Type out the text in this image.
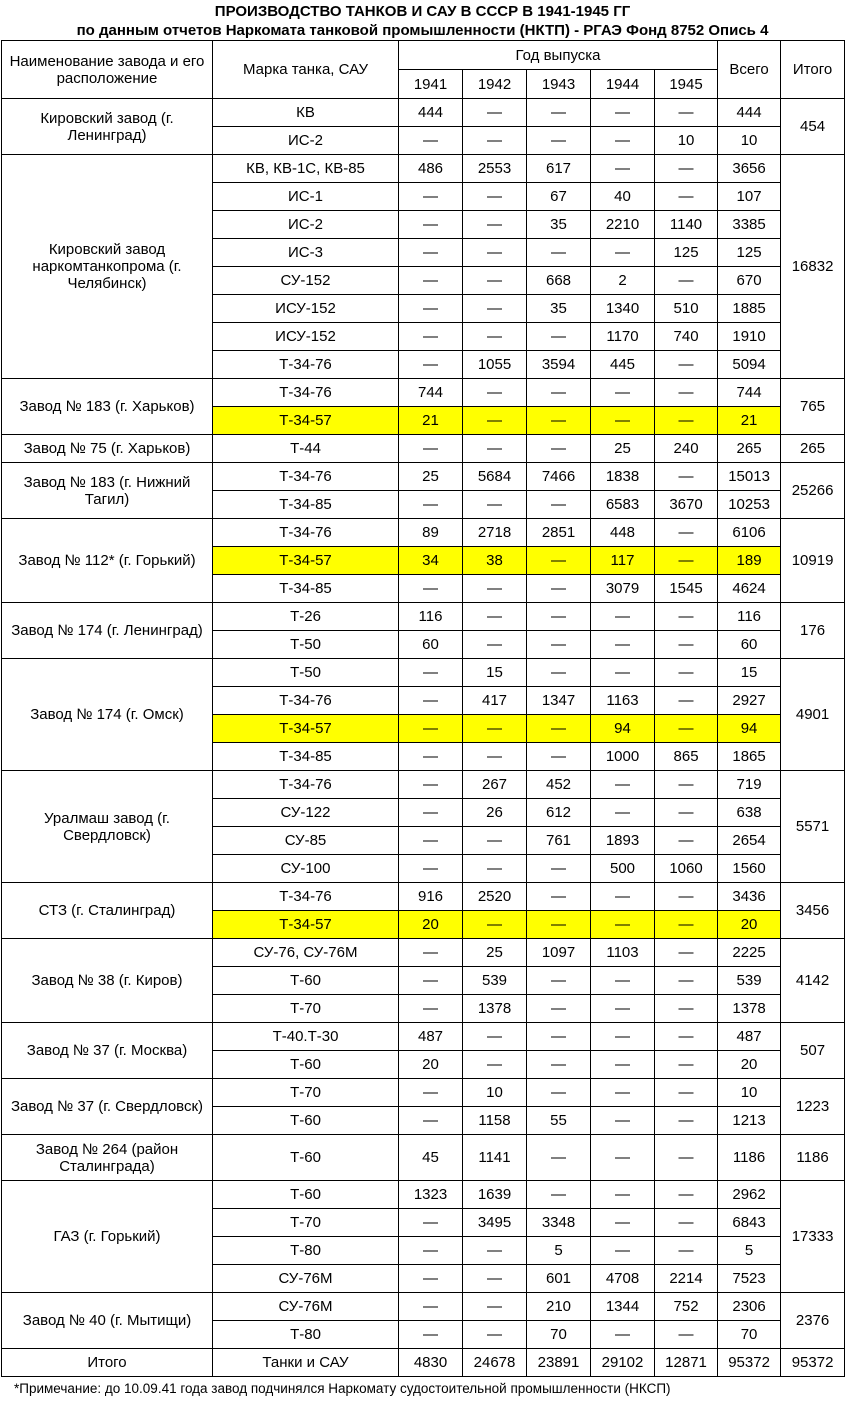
ПРОИЗВОДСТВО ТАНКОВ И САУ В СССР В 1941-1945 ГГ
по данным отчетов Наркомата танковой промышленности (НКТП) - РГАЭ Фонд 8752 Опись 4
Наименование завода и его расположение	Марка танка, САУ	Год выпуска					Всего	Итого
		1941	1942	1943	1944	1945		
Кировский завод (г. Ленинград)	КВ	444	—	—	—	—	444	454
	ИС-2	—	—	—	—	10	10	
Кировский завод наркомтанкопрома (г. Челябинск)	КВ, КВ-1С, КВ-85	486	2553	617	—	—	3656	16832
	ИС-1	—	—	67	40	—	107	
	ИС-2	—	—	35	2210	1140	3385	
	ИС-3	—	—	—	—	125	125	
	СУ-152	—	—	668	2	—	670	
	ИСУ-152	—	—	35	1340	510	1885	
	ИСУ-152	—	—	—	1170	740	1910	
	Т-34-76	—	1055	3594	445	—	5094	
Завод № 183 (г. Харьков)	Т-34-76	744	—	—	—	—	744	765
	Т-34-57	21	—	—	—	—	21	
Завод № 75 (г. Харьков)	Т-44	—	—	—	25	240	265	265
Завод № 183 (г. Нижний Тагил)	Т-34-76	25	5684	7466	1838	—	15013	25266
	Т-34-85	—	—	—	6583	3670	10253	
Завод № 112* (г. Горький)	Т-34-76	89	2718	2851	448	—	6106	10919
	Т-34-57	34	38	—	117	—	189	
	Т-34-85	—	—	—	3079	1545	4624	
Завод № 174 (г. Ленинград)	Т-26	116	—	—	—	—	116	176
	Т-50	60	—	—	—	—	60	
Завод № 174 (г. Омск)	Т-50	—	15	—	—	—	15	4901
	Т-34-76	—	417	1347	1163	—	2927	
	Т-34-57	—	—	—	94	—	94	
	Т-34-85	—	—	—	1000	865	1865	
Уралмаш завод (г. Свердловск)	Т-34-76	—	267	452	—	—	719	5571
	СУ-122	—	26	612	—	—	638	
	СУ-85	—	—	761	1893	—	2654	
	СУ-100	—	—	—	500	1060	1560	
СТЗ (г. Сталинград)	Т-34-76	916	2520	—	—	—	3436	3456
	Т-34-57	20	—	—	—	—	20	
Завод № 38 (г. Киров)	СУ-76, СУ-76М	—	25	1097	1103	—	2225	4142
	Т-60	—	539	—	—	—	539	
	Т-70	—	1378	—	—	—	1378	
Завод № 37 (г. Москва)	Т-40.Т-30	487	—	—	—	—	487	507
	Т-60	20	—	—	—	—	20	
Завод № 37 (г. Свердловск)	Т-70	—	10	—	—	—	10	1223
	Т-60	—	1158	55	—	—	1213	
Завод № 264 (район Сталинграда)	Т-60	45	1141	—	—	—	1186	1186
ГАЗ (г. Горький)	Т-60	1323	1639	—	—	—	2962	17333
	Т-70	—	3495	3348	—	—	6843	
	Т-80	—	—	5	—	—	5	
	СУ-76М	—	—	601	4708	2214	7523	
Завод № 40 (г. Мытищи)	СУ-76М	—	—	210	1344	752	2306	2376
	Т-80	—	—	70	—	—	70	
Итого	Танки и САУ	4830	24678	23891	29102	12871	95372	95372
*Примечание: до 10.09.41 года завод подчинялся Наркомату судостоительной промышленности (НКСП)
